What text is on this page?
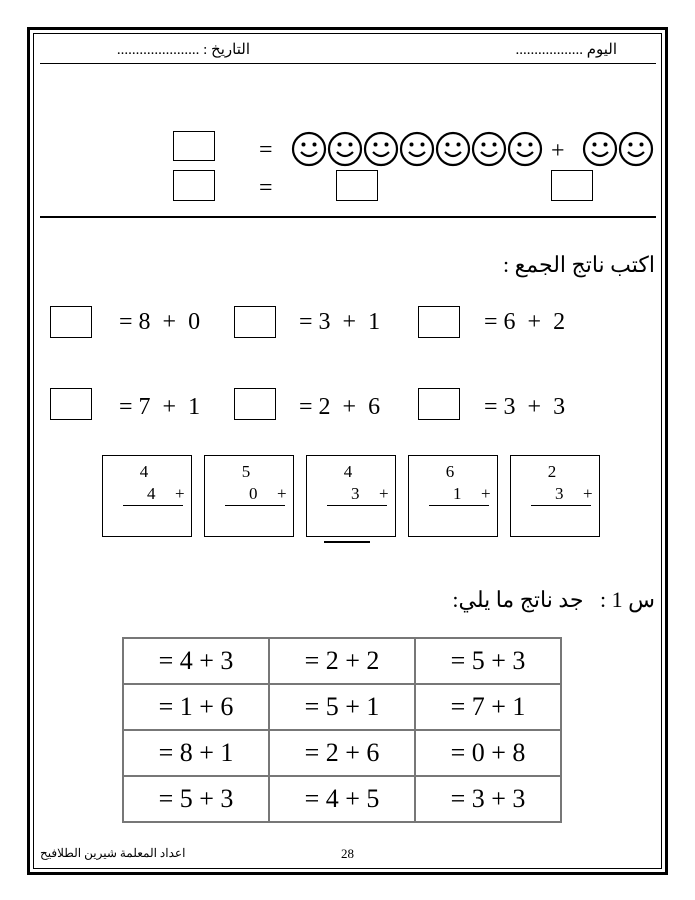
اليوم ..................
التاريخ : ......................
=	+
=
اكتب ناتج الجمع :
= 8  +  0	= 3  +  1	= 6  +  2
= 7  +  1	= 2  +  6	= 3  +  3
4
4 +
5
0 +
4
3 +
6
1 +
2
3 +
س 1 :   جد ناتج ما يلي:
= 4 + 3	= 2 + 2	= 5 + 3
= 1 + 6	= 5 + 1	= 7 + 1
= 8 + 1	= 2 + 6	= 0 + 8
= 5 + 3	= 4 + 5	= 3 + 3
اعداد المعلمة شيرين الطلافيح	28
